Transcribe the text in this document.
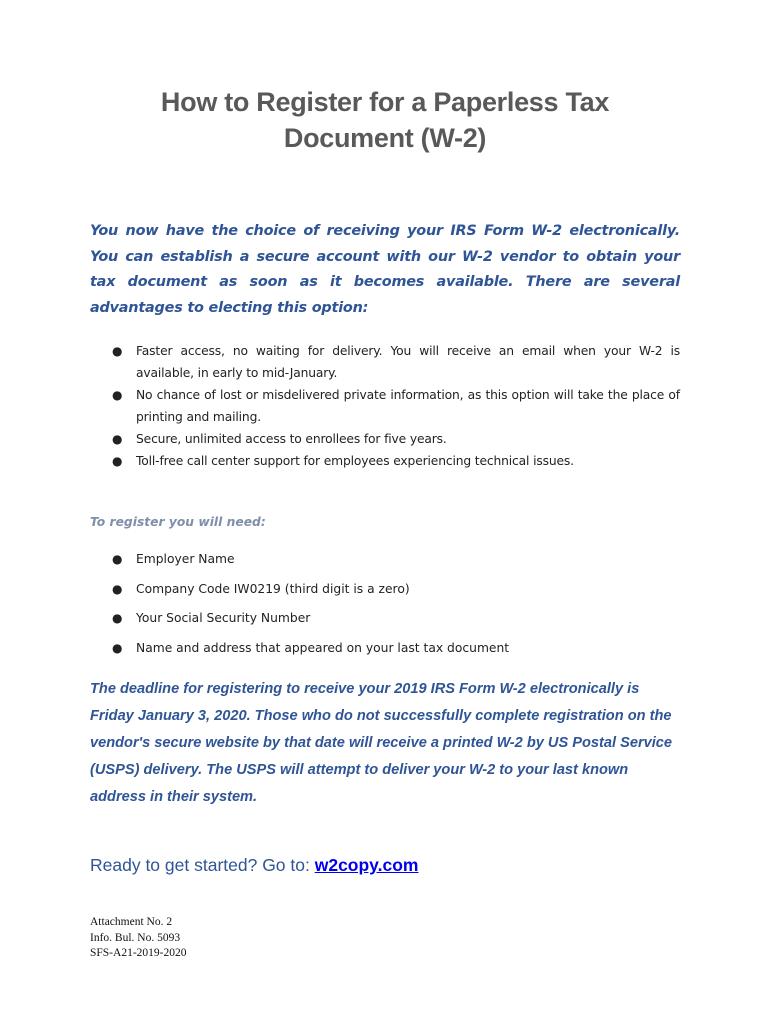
How to Register for a Paperless Tax
Document (W-2)

You now have the choice of receiving your IRS Form W-2 electronically. You can establish a secure account with our W-2 vendor to obtain your tax document as soon as it becomes available. There are several advantages to electing this option:

● Faster access, no waiting for delivery. You will receive an email when your W-2 is available, in early to mid-January.
● No chance of lost or misdelivered private information, as this option will take the place of printing and mailing.
● Secure, unlimited access to enrollees for five years.
● Toll-free call center support for employees experiencing technical issues.

To register you will need:

● Employer Name
● Company Code IW0219 (third digit is a zero)
● Your Social Security Number
● Name and address that appeared on your last tax document

The deadline for registering to receive your 2019 IRS Form W-2 electronically is Friday January 3, 2020. Those who do not successfully complete registration on the vendor's secure website by that date will receive a printed W-2 by US Postal Service (USPS) delivery. The USPS will attempt to deliver your W-2 to your last known address in their system.

Ready to get started? Go to: w2copy.com

Attachment No. 2
Info. Bul. No. 5093
SFS-A21-2019-2020
